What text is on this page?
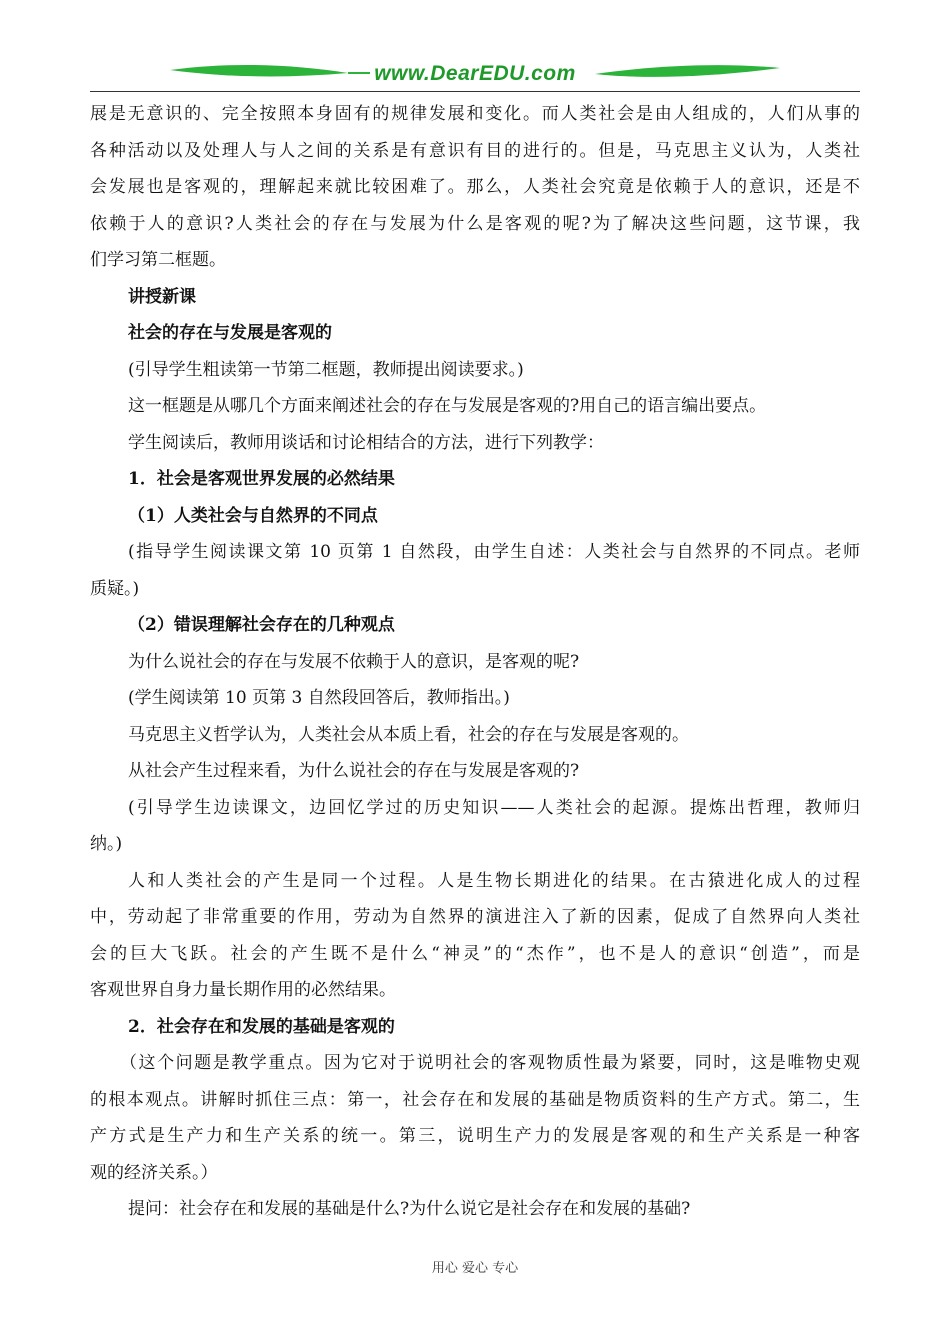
www.DearEDU.com
展是无意识的、完全按照本身固有的规律发展和变化。而人类社会是由人组成的，人们从事的
各种活动以及处理人与人之间的关系是有意识有目的进行的。但是，马克思主义认为，人类社
会发展也是客观的，理解起来就比较困难了。那么，人类社会究竟是依赖于人的意识，还是不
依赖于人的意识?人类社会的存在与发展为什么是客观的呢?为了解决这些问题，这节课，我
们学习第二框题。
讲授新课
社会的存在与发展是客观的
(引导学生粗读第一节第二框题，教师提出阅读要求。)
这一框题是从哪几个方面来阐述社会的存在与发展是客观的?用自己的语言编出要点。
学生阅读后，教师用谈话和讨论相结合的方法，进行下列教学：
1．社会是客观世界发展的必然结果
（1）人类社会与自然界的不同点
(指导学生阅读课文第 10 页第 1 自然段，由学生自述：人类社会与自然界的不同点。老师
质疑。)
（2）错误理解社会存在的几种观点
为什么说社会的存在与发展不依赖于人的意识，是客观的呢?
(学生阅读第 10 页第 3 自然段回答后，教师指出。)
马克思主义哲学认为，人类社会从本质上看，社会的存在与发展是客观的。
从社会产生过程来看，为什么说社会的存在与发展是客观的?
(引导学生边读课文，边回忆学过的历史知识——人类社会的起源。提炼出哲理，教师归
纳。)
人和人类社会的产生是同一个过程。人是生物长期进化的结果。在古猿进化成人的过程
中，劳动起了非常重要的作用，劳动为自然界的演进注入了新的因素，促成了自然界向人类社
会的巨大飞跃。社会的产生既不是什么“神灵”的“杰作”，也不是人的意识“创造”，而是
客观世界自身力量长期作用的必然结果。
2．社会存在和发展的基础是客观的
（这个问题是教学重点。因为它对于说明社会的客观物质性最为紧要，同时，这是唯物史观
的根本观点。讲解时抓住三点：第一，社会存在和发展的基础是物质资料的生产方式。第二，生
产方式是生产力和生产关系的统一。第三，说明生产力的发展是客观的和生产关系是一种客
观的经济关系。）
提问：社会存在和发展的基础是什么?为什么说它是社会存在和发展的基础?
用心 爱心 专心
